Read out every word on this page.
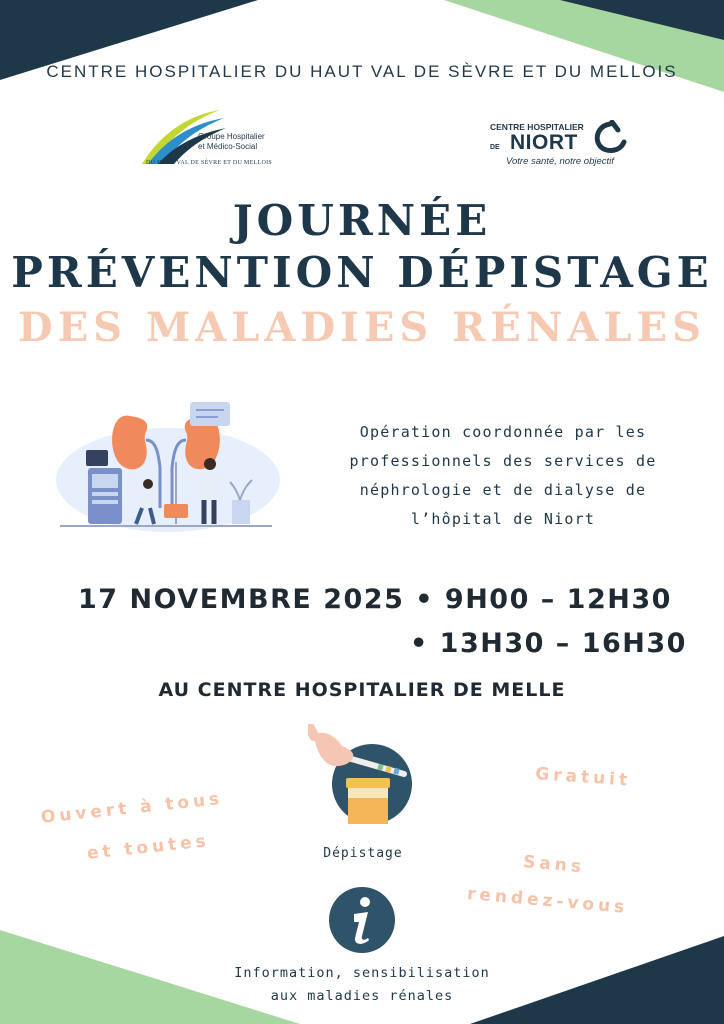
CENTRE HOSPITALIER DU HAUT VAL DE SÈVRE ET DU MELLOIS
Groupe Hospitalier
et Médico-Social
DU HAUT VAL DE SÈVRE ET DU MELLOIS
CENTRE HOSPITALIER
DE NIORT
Votre santé, notre objectif
JOURNÉE
PRÉVENTION DÉPISTAGE
DES MALADIES RÉNALES
Opération coordonnée par les
professionnels des services de
néphrologie et de dialyse de
l’hôpital de Niort
17 NOVEMBRE 2025 • 9H00 – 12H30
• 13H30 – 16H30
AU CENTRE HOSPITALIER DE MELLE
Ouvert à tous
et toutes
Gratuit
Sans
rendez-vous
Dépistage
Information, sensibilisation
aux maladies rénales
